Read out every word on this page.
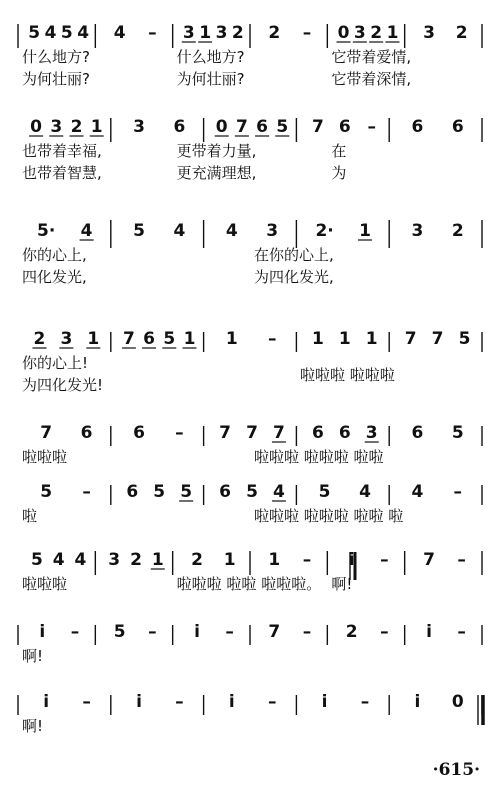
5 4 5 4 4 – 3 1 3 2 2 – 0 3 2 1 3 2
什么地方?	什么地方?	它带着爱情,
为何壮丽?	为何壮丽?	它带着深情,
0 3 2 1 3 6 0 7 6 5 7 6 – 6 6
也带着幸福,	更带着力量,	在
也带着智慧,	更充满理想,	为
5· 4 5 4 4 3 2· 1 3 2
你的心上,	在你的心上,
四化发光,	为四化发光,
2 3 1 7 6 5 1 1 – 1 1 1 7 7 5
你的心上!
为四化发光!
啦啦啦 啦啦啦
7 6 6 – 7 7 7 6 6 3 6 5
啦啦啦	啦啦啦 啦啦啦 啦啦
5 – 6 5 5 6 5 4 5 4 4 –
啦	啦啦啦 啦啦啦 啦啦 啦
5 4 4 3 2 1 2 1 1 – i – 7 –
啦啦啦	啦啦啦 啦啦 啦啦啦。 啊!
i – 5 – i – 7 – 2 – i –
啊!
i –	i –	i –	i –	i 0
啊!
·615·
